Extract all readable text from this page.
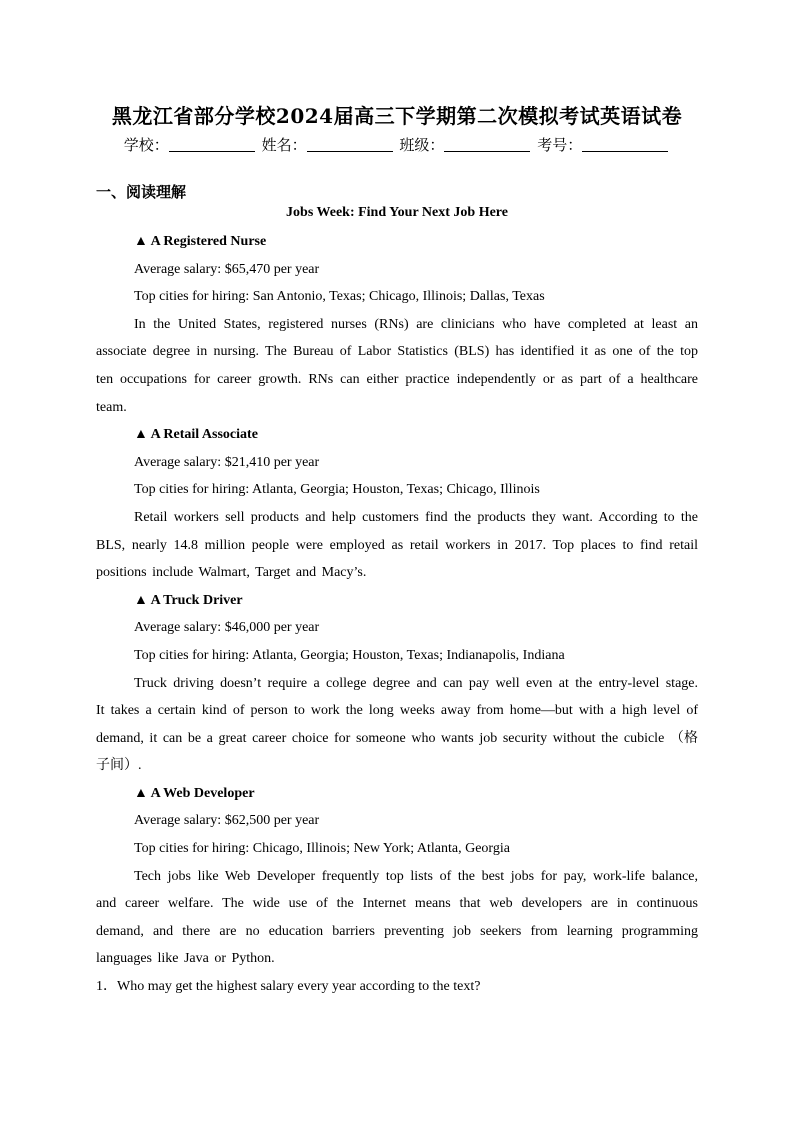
黑龙江省部分学校2024届高三下学期第二次模拟考试英语试卷
学校：	姓名：	班级：	考号：
一、阅读理解
Jobs Week: Find Your Next Job Here
▲ A Registered Nurse
Average salary: $65,470 per year
Top cities for hiring: San Antonio, Texas; Chicago, Illinois; Dallas, Texas
In the United States, registered nurses (RNs) are clinicians who have completed at least an associate degree in nursing. The Bureau of Labor Statistics (BLS) has identified it as one of the top ten occupations for career growth. RNs can either practice independently or as part of a healthcare team.
▲ A Retail Associate
Average salary: $21,410 per year
Top cities for hiring: Atlanta, Georgia; Houston, Texas; Chicago, Illinois
Retail workers sell products and help customers find the products they want. According to the BLS, nearly 14.8 million people were employed as retail workers in 2017. Top places to find retail positions include Walmart, Target and Macy’s.
▲ A Truck Driver
Average salary: $46,000 per year
Top cities for hiring: Atlanta, Georgia; Houston, Texas; Indianapolis, Indiana
Truck driving doesn’t require a college degree and can pay well even at the entry-level stage. It takes a certain kind of person to work the long weeks away from home—but with a high level of demand, it can be a great career choice for someone who wants job security without the cubicle （格子间）.
▲ A Web Developer
Average salary: $62,500 per year
Top cities for hiring: Chicago, Illinois; New York; Atlanta, Georgia
Tech jobs like Web Developer frequently top lists of the best jobs for pay, work-life balance, and career welfare. The wide use of the Internet means that web developers are in continuous demand, and there are no education barriers preventing job seekers from learning programming languages like Java or Python.
1．Who may get the highest salary every year according to the text?
